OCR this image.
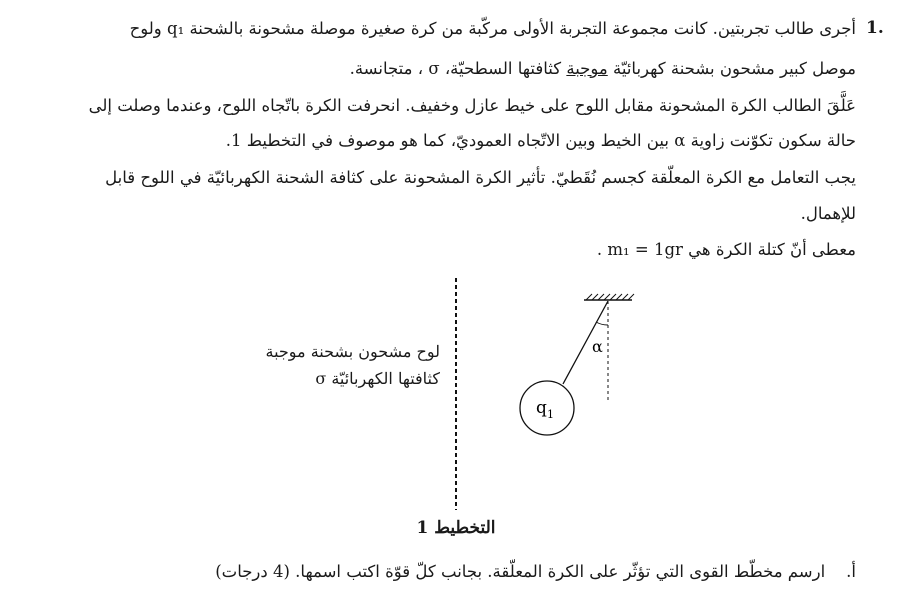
1.
أجرى طالب تجربتين. كانت مجموعة التجربة الأولى مركّبة من كرة صغيرة موصلة مشحونة بالشحنة q₁ ولوح
موصل كبير مشحون بشحنة كهربائيّة موجبة كثافتها السطحيّة، σ ، متجانسة.
عَلَّقَ الطالب الكرة المشحونة مقابل اللوح على خيط عازل وخفيف. انحرفت الكرة باتّجاه اللوح، وعندما وصلت إلى
حالة سكون تكوّنت زاوية α بين الخيط وبين الاتّجاه العموديّ، كما هو موصوف في التخطيط 1.
يجب التعامل مع الكرة المعلّقة كجسم نُقَطيّ. تأثير الكرة المشحونة على كثافة الشحنة الكهربائيّة في اللوح قابل
للإهمال.
معطى أنّ كتلة الكرة هي m₁ = 1gr .
α
q 1
لوح مشحون بشحنة موجبة
كثافتها الكهربائيّة σ
التخطيط 1
أ.    ارسم مخطّط القوى التي تؤثّر على الكرة المعلّقة. بجانب كلّ قوّة اكتب اسمها. (4 درجات)
